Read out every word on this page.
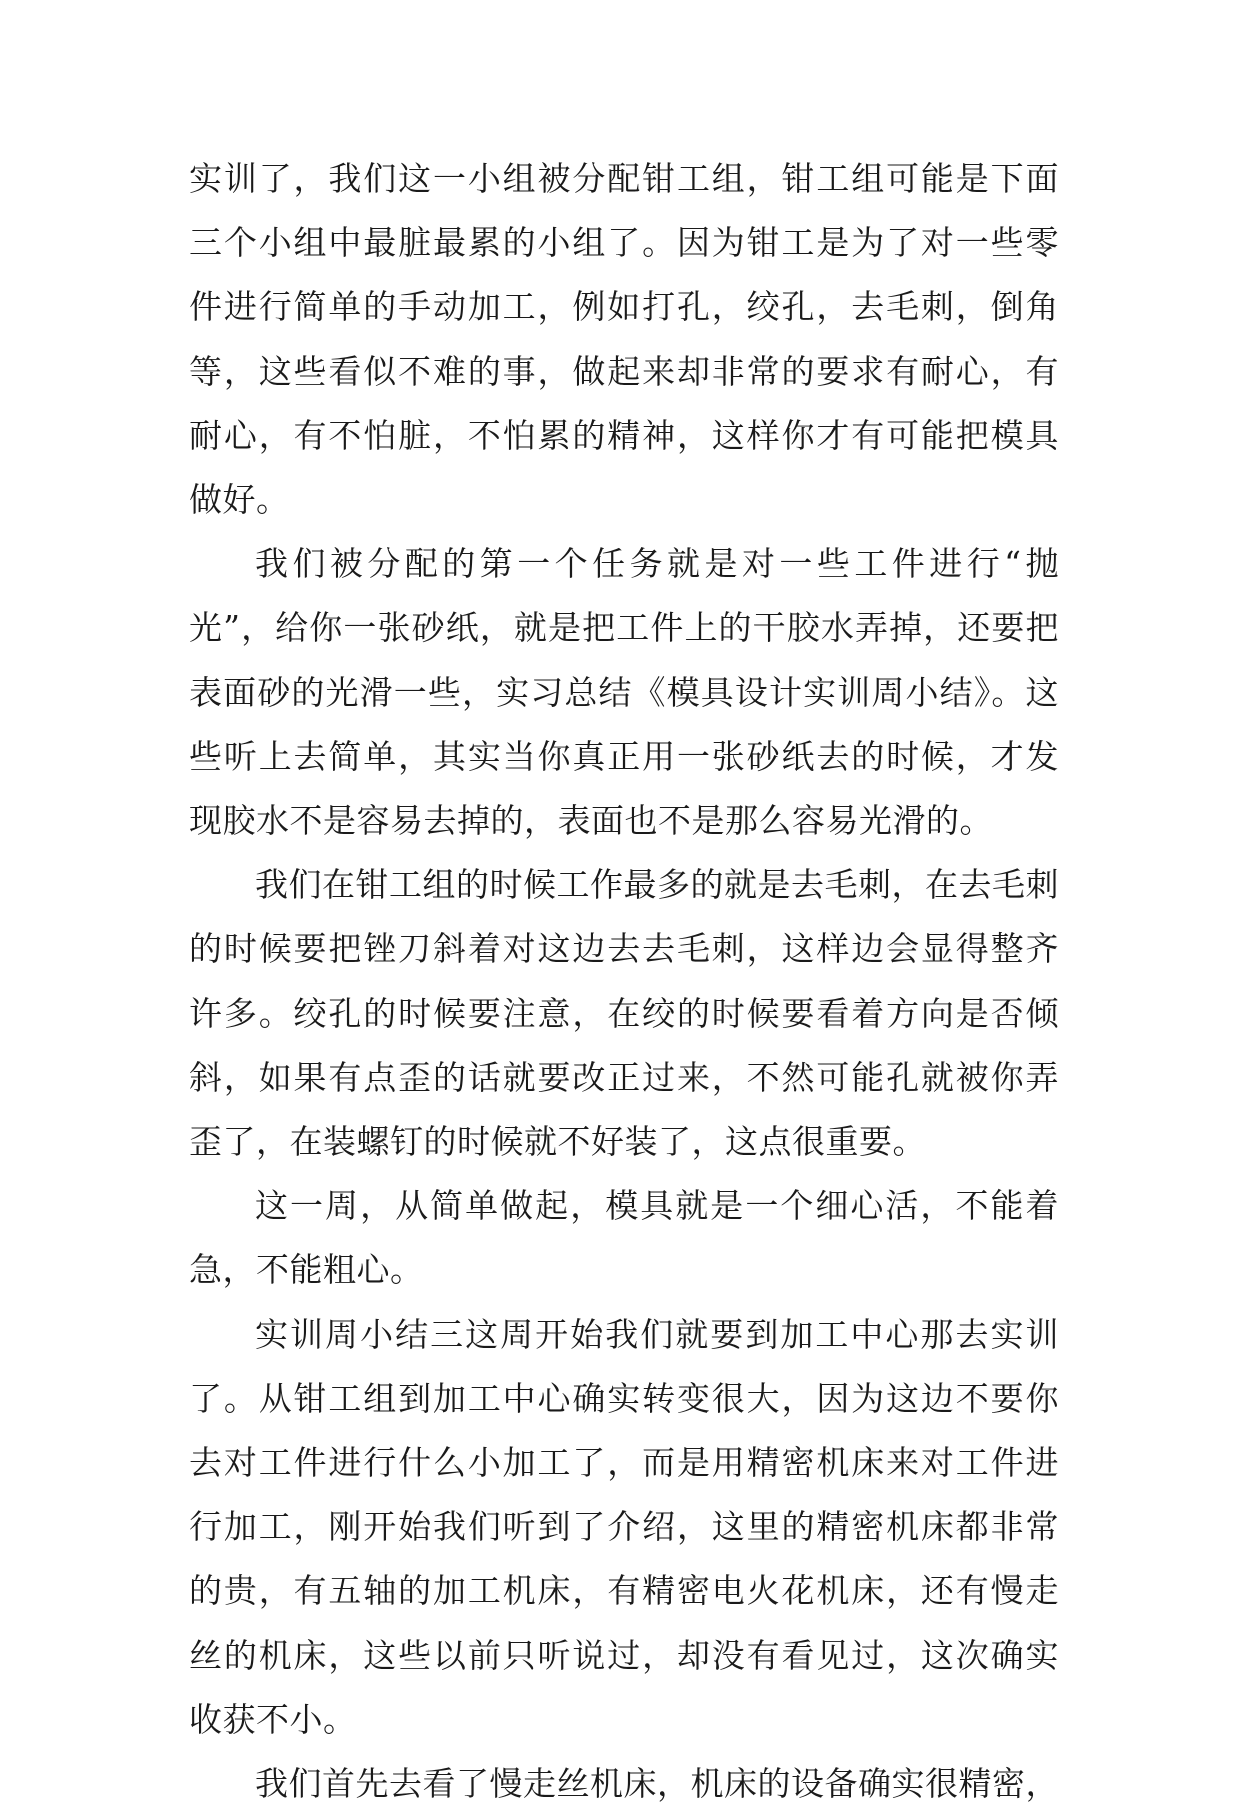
实训了，我们这一小组被分配钳工组，钳工组可能是下面三个小组中最脏最累的小组了。因为钳工是为了对一些零件进行简单的手动加工，例如打孔，绞孔，去毛刺，倒角等，这些看似不难的事，做起来却非常的要求有耐心，有耐心，有不怕脏，不怕累的精神，这样你才有可能把模具做好。

我们被分配的第一个任务就是对一些工件进行“抛光”，给你一张砂纸，就是把工件上的干胶水弄掉，还要把表面砂的光滑一些，实习总结《模具设计实训周小结》。这些听上去简单，其实当你真正用一张砂纸去的时候，才发现胶水不是容易去掉的，表面也不是那么容易光滑的。

我们在钳工组的时候工作最多的就是去毛刺，在去毛刺的时候要把锉刀斜着对这边去去毛刺，这样边会显得整齐许多。绞孔的时候要注意，在绞的时候要看着方向是否倾斜，如果有点歪的话就要改正过来，不然可能孔就被你弄歪了，在装螺钉的时候就不好装了，这点很重要。

这一周，从简单做起，模具就是一个细心活，不能着急，不能粗心。

实训周小结三这周开始我们就要到加工中心那去实训了。从钳工组到加工中心确实转变很大，因为这边不要你去对工件进行什么小加工了，而是用精密机床来对工件进行加工，刚开始我们听到了介绍，这里的精密机床都非常的贵，有五轴的加工机床，有精密电火花机床，还有慢走丝的机床，这些以前只听说过，却没有看见过，这次确实收获不小。

我们首先去看了慢走丝机床，机床的设备确实很精密，
